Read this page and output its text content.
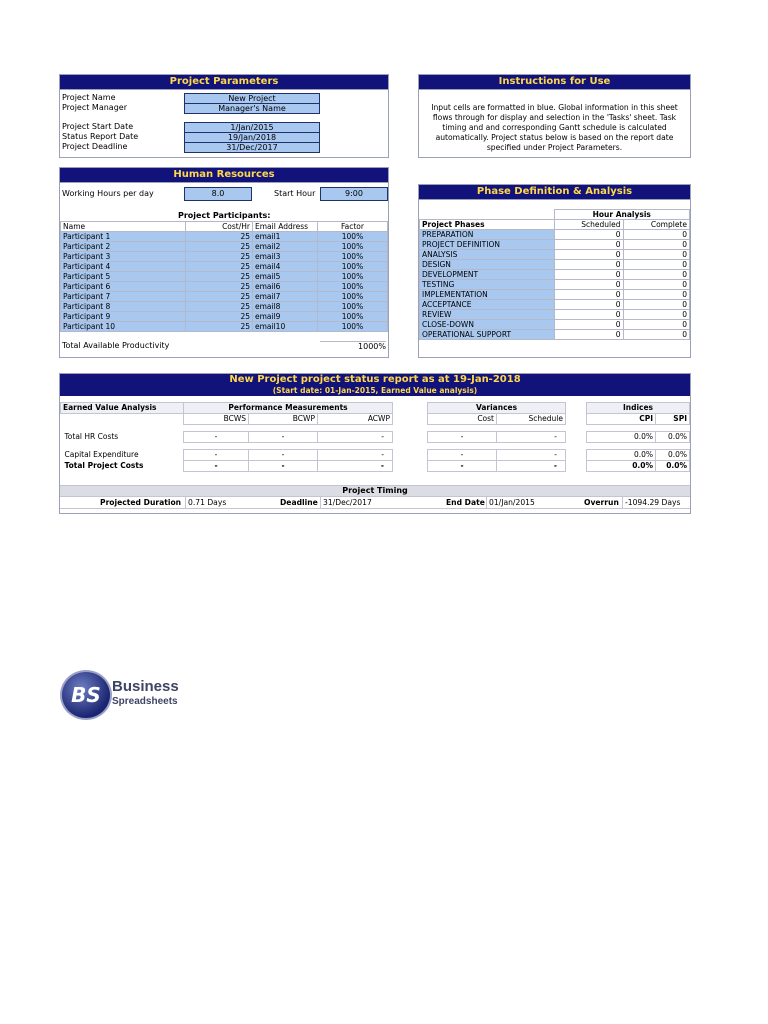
Project Parameters
Project Name	New Project
Project Manager	Manager's Name
Project Start Date	1/Jan/2015
Status Report Date	19/Jan/2018
Project Deadline	31/Dec/2017
Instructions for Use
Input cells are formatted in blue. Global information in this sheet flows through for display and selection in the 'Tasks' sheet. Task timing and and corresponding Gantt schedule is calculated automatically. Project status below is based on the report date specified under Project Parameters.
Human Resources
Working Hours per day	8.0	Start Hour	9:00
Project Participants:
Name	Cost/Hr	Email Address	Factor
Participant 1	25	email1	100%
Participant 2	25	email2	100%
Participant 3	25	email3	100%
Participant 4	25	email4	100%
Participant 5	25	email5	100%
Participant 6	25	email6	100%
Participant 7	25	email7	100%
Participant 8	25	email8	100%
Participant 9	25	email9	100%
Participant 10	25	email10	100%
Total Available Productivity	1000%
Phase Definition & Analysis
	Hour Analysis	
Project Phases	Scheduled	Complete
PREPARATION	0	0
PROJECT DEFINITION	0	0
ANALYSIS	0	0
DESIGN	0	0
DEVELOPMENT	0	0
TESTING	0	0
IMPLEMENTATION	0	0
ACCEPTANCE	0	0
REVIEW	0	0
CLOSE-DOWN	0	0
OPERATIONAL SUPPORT	0	0
New Project project status report as at 19-Jan-2018
(Start date: 01-Jan-2015, Earned Value analysis)
Earned Value Analysis	Performance Measurements				Variances			Indices	
	BCWS	BCWP	ACWP		Cost	Schedule		CPI	SPI

Total HR Costs	-	-	-		-	-		0.0%	0.0%

Capital Expenditure	-	-	-		-	-		0.0%	0.0%
Total Project Costs	-	-	-		-	-		0.0%	0.0%
Project Timing
Projected Duration 0.71 Days	Deadline 31/Dec/2017	End Date 01/Jan/2015	Overrun -1094.29 Days
BS Business
Spreadsheets
